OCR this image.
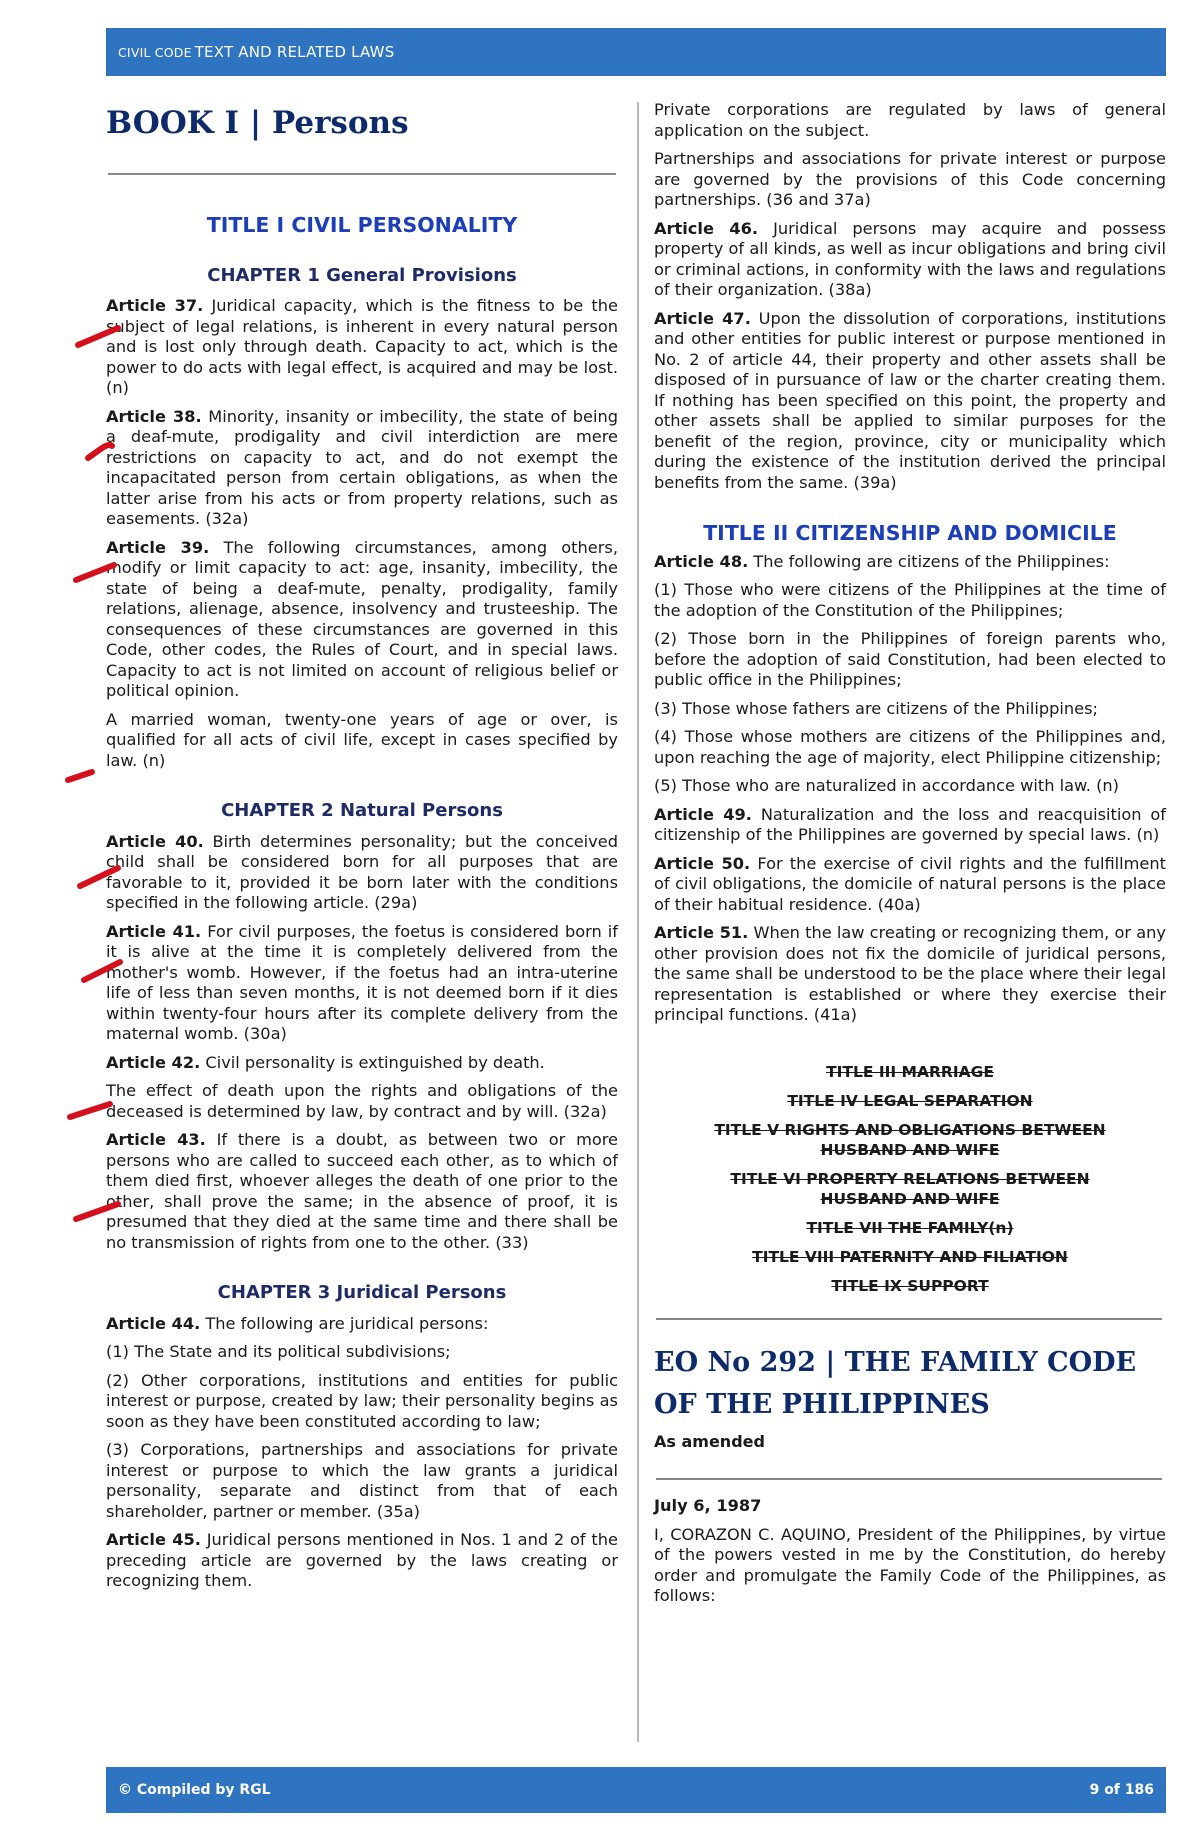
CIVIL CODE TEXT AND RELATED LAWS
BOOK I | Persons
TITLE I CIVIL PERSONALITY
CHAPTER 1 General Provisions

Article 37. Juridical capacity, which is the fitness to be the subject of legal relations, is inherent in every natural person and is lost only through death. Capacity to act, which is the power to do acts with legal effect, is acquired and may be lost. (n)

Article 38. Minority, insanity or imbecility, the state of being a deaf-mute, prodigality and civil interdiction are mere restrictions on capacity to act, and do not exempt the incapacitated person from certain obligations, as when the latter arise from his acts or from property relations, such as easements. (32a)

Article 39. The following circumstances, among others, modify or limit capacity to act: age, insanity, imbecility, the state of being a deaf-mute, penalty, prodigality, family relations, alienage, absence, insolvency and trusteeship. The consequences of these circumstances are governed in this Code, other codes, the Rules of Court, and in special laws. Capacity to act is not limited on account of religious belief or political opinion.

A married woman, twenty-one years of age or over, is qualified for all acts of civil life, except in cases specified by law. (n)

CHAPTER 2 Natural Persons

Article 40. Birth determines personality; but the conceived child shall be considered born for all purposes that are favorable to it, provided it be born later with the conditions specified in the following article. (29a)

Article 41. For civil purposes, the foetus is considered born if it is alive at the time it is completely delivered from the mother's womb. However, if the foetus had an intra-uterine life of less than seven months, it is not deemed born if it dies within twenty-four hours after its complete delivery from the maternal womb. (30a)

Article 42. Civil personality is extinguished by death.

The effect of death upon the rights and obligations of the deceased is determined by law, by contract and by will. (32a)

Article 43. If there is a doubt, as between two or more persons who are called to succeed each other, as to which of them died first, whoever alleges the death of one prior to the other, shall prove the same; in the absence of proof, it is presumed that they died at the same time and there shall be no transmission of rights from one to the other. (33)

CHAPTER 3 Juridical Persons

Article 44. The following are juridical persons:

(1) The State and its political subdivisions;

(2) Other corporations, institutions and entities for public interest or purpose, created by law; their personality begins as soon as they have been constituted according to law;

(3) Corporations, partnerships and associations for private interest or purpose to which the law grants a juridical personality, separate and distinct from that of each shareholder, partner or member. (35a)

Article 45. Juridical persons mentioned in Nos. 1 and 2 of the preceding article are governed by the laws creating or recognizing them.

Private corporations are regulated by laws of general application on the subject.

Partnerships and associations for private interest or purpose are governed by the provisions of this Code concerning partnerships. (36 and 37a)

Article 46. Juridical persons may acquire and possess property of all kinds, as well as incur obligations and bring civil or criminal actions, in conformity with the laws and regulations of their organization. (38a)

Article 47. Upon the dissolution of corporations, institutions and other entities for public interest or purpose mentioned in No. 2 of article 44, their property and other assets shall be disposed of in pursuance of law or the charter creating them. If nothing has been specified on this point, the property and other assets shall be applied to similar purposes for the benefit of the region, province, city or municipality which during the existence of the institution derived the principal benefits from the same. (39a)

TITLE II CITIZENSHIP AND DOMICILE

Article 48. The following are citizens of the Philippines:

(1) Those who were citizens of the Philippines at the time of the adoption of the Constitution of the Philippines;

(2) Those born in the Philippines of foreign parents who, before the adoption of said Constitution, had been elected to public office in the Philippines;

(3) Those whose fathers are citizens of the Philippines;

(4) Those whose mothers are citizens of the Philippines and, upon reaching the age of majority, elect Philippine citizenship;

(5) Those who are naturalized in accordance with law. (n)

Article 49. Naturalization and the loss and reacquisition of citizenship of the Philippines are governed by special laws. (n)

Article 50. For the exercise of civil rights and the fulfillment of civil obligations, the domicile of natural persons is the place of their habitual residence. (40a)

Article 51. When the law creating or recognizing them, or any other provision does not fix the domicile of juridical persons, the same shall be understood to be the place where their legal representation is established or where they exercise their principal functions. (41a)

TITLE III MARRIAGE
TITLE IV LEGAL SEPARATION
TITLE V RIGHTS AND OBLIGATIONS BETWEEN HUSBAND AND WIFE
TITLE VI PROPERTY RELATIONS BETWEEN HUSBAND AND WIFE
TITLE VII THE FAMILY(n)
TITLE VIII PATERNITY AND FILIATION
TITLE IX SUPPORT
EO No 292 | THE FAMILY CODE OF THE PHILIPPINES
As amended

July 6, 1987

I, CORAZON C. AQUINO, President of the Philippines, by virtue of the powers vested in me by the Constitution, do hereby order and promulgate the Family Code of the Philippines, as follows:

© Compiled by RGL	9 of 186
